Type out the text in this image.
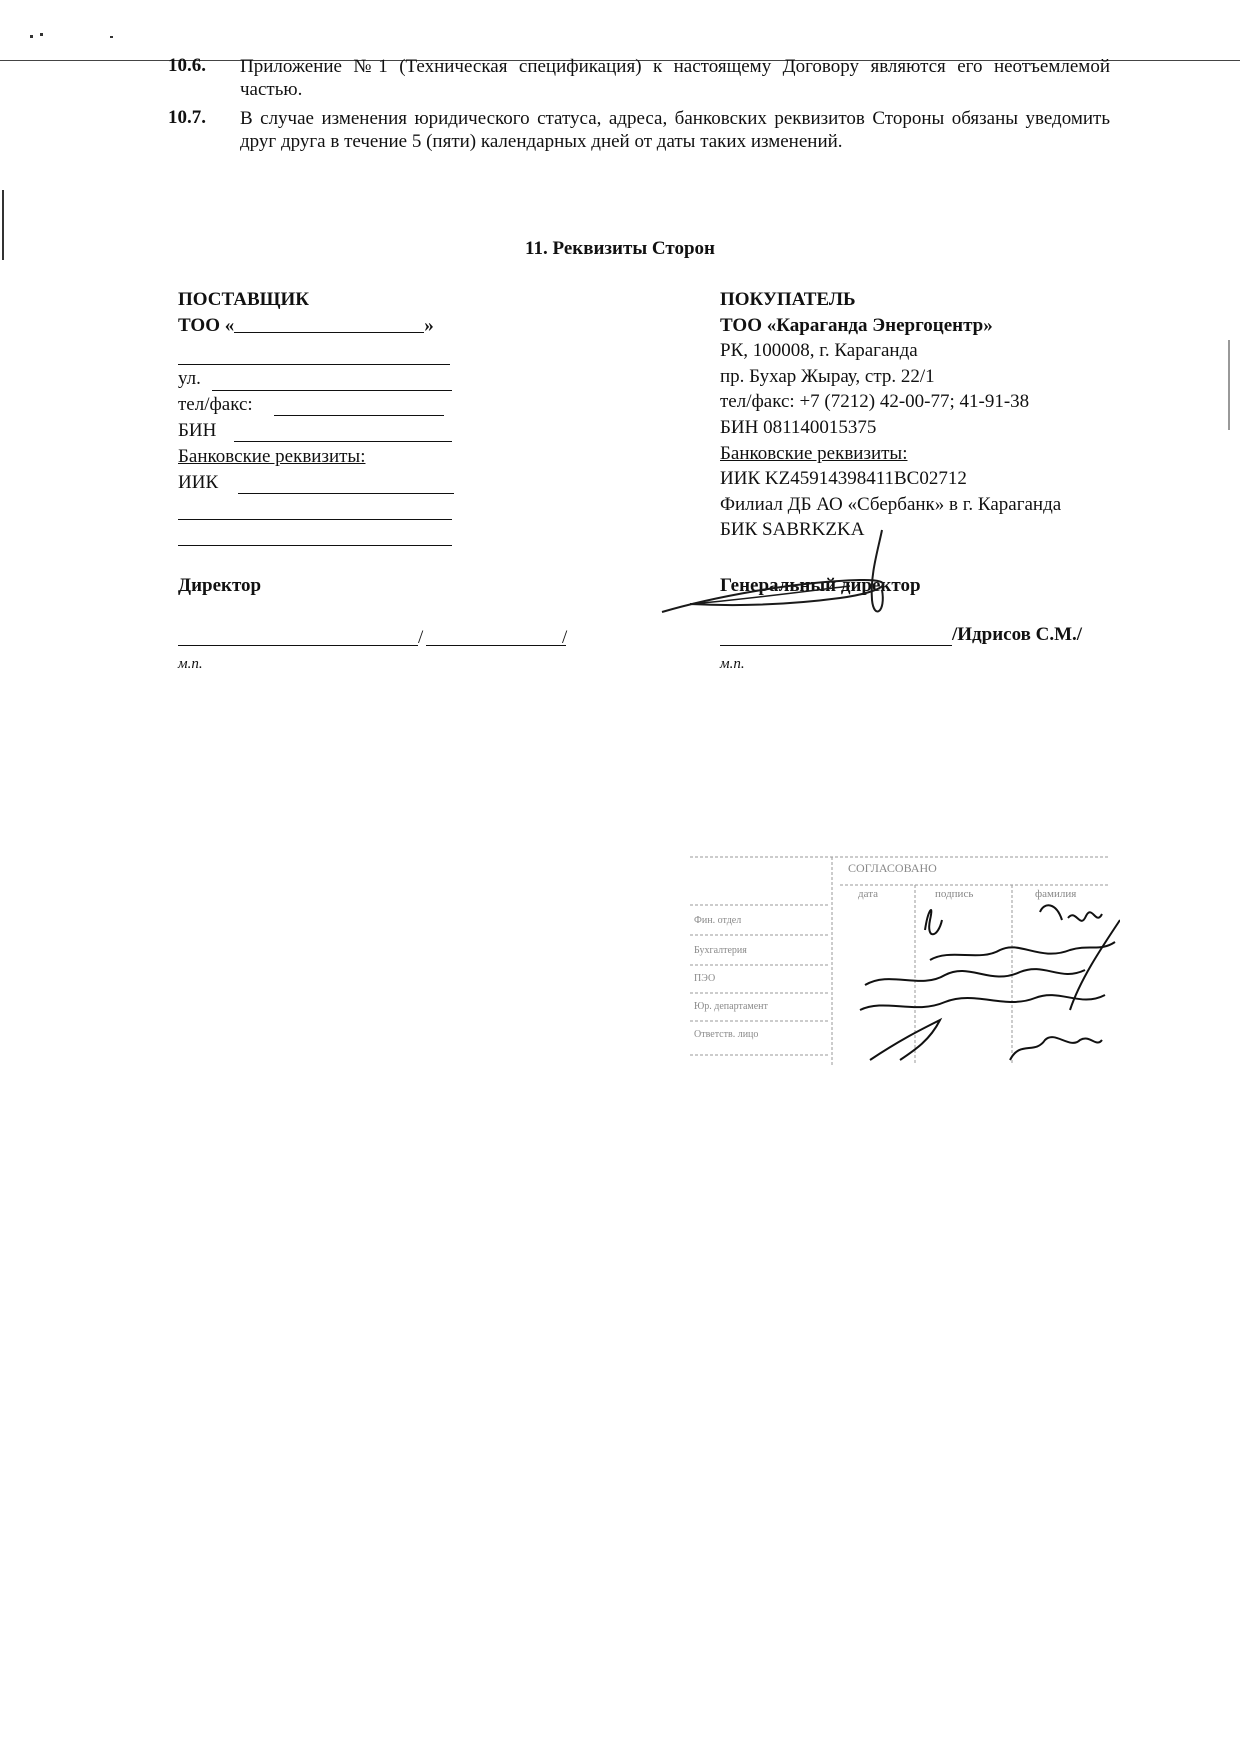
10.6. Приложение №1 (Техническая спецификация) к настоящему Договору являются его неотъемлемой частью.
10.7. В случае изменения юридического статуса, адреса, банковских реквизитов Стороны обязаны уведомить друг друга в течение 5 (пяти) календарных дней от даты таких изменений.
11. Реквизиты Сторон
ПОСТАВЩИК
ТОО «	»
ул.
тел/факс:
БИН
Банковские реквизиты:
ИИК
Директор
/	/
м.п.
ПОКУПАТЕЛЬ
ТОО «Караганда Энергоцентр»
РК, 100008, г. Караганда
пр. Бухар Жырау, стр. 22/1
тел/факс: +7 (7212) 42-00-77; 41-91-38
БИН 081140015375
Банковские реквизиты:
ИИК KZ45914398411BC02712
Филиал ДБ АО «Сбербанк» в г. Караганда
БИК SABRKZKA
Генеральный директор
/Идрисов С.М./
м.п.
СОГЛАСОВАНО
дата	подпись	фамилия
Фин. отдел
Бухгалтерия
ПЭО
Юр. департамент
Ответств. лицо
